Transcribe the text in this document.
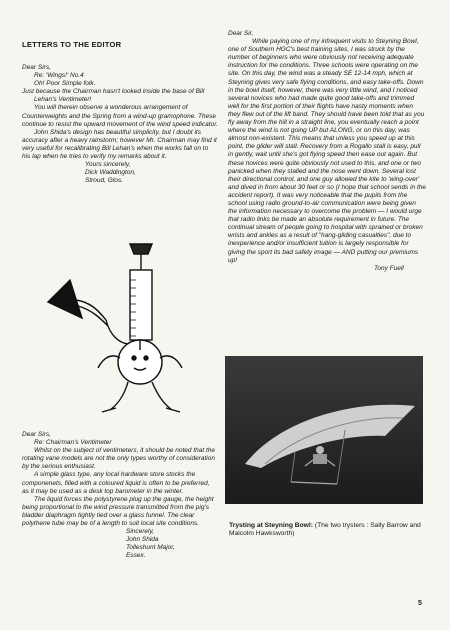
LETTERS TO THE EDITOR

Dear Sirs,

Re: 'Wings!' No.4

Oh! Poor Simple folk.

Just because the Chairman hasn't looked inside the base of Bill Lehan's Ventimeter!

You will therein observe a wonderous arrangement of Counterweights and the Spring from a wind-up gramophone. These continue to resist the upward movement of the wind speed indicator.

John Shida's design has beautiful simplicity, but I doubt its accuracy after a heavy rainstorm; however Mr. Chairman may find it very useful for recalibrating Bill Lehan's when the works fall on to his lap when he tries to verify my remarks about it.

Yours sincerely,

Dick Waddington,

Stroud, Glos.

Dear Sirs,

Re: Chairman's Ventimeter

Whilst on the subject of ventimeters, it should be noted that the rotating vane models are not the only types worthy of consideration by the serious enthusiast.

A simple glass type, any local hardware store stocks the componenets, filled with a coloured liquid is often to be preferred, as it may be used as a desk top barometer in the winter.

The liquid forces the polystyrene plug up the gauge, the height being proportional to the wind pressure transmitted from the pig's bladder diaphragm tightly tied over a glass funnel. The clear polythene tube may be of a length to suit local site conditions.

Sincerely,

John Shida

Tolleshunt Major,

Essex.

Dear Sir,

While paying one of my infrequent visits to Steyning Bowl, one of Southern HGC's best training sites, I was struck by the number of beginners who were obviously not receiving adequate instruction for the conditions. Three schools were operating on the site. On this day, the wind was a steady SE 12-14 mph, which at Steyning gives very safe flying conditions, and easy take-offs. Down in the bowl itself, however, there was very little wind, and I noticed several novices who had made quite good take-offs and trimmed well for the first portion of their flights have nasty moments when they flew out of the lift band. They should have been told that as you fly away from the hill in a straight line, you eventually reach a point where the wind is not going UP but ALONG, or on this day, was almost non-existent. This means that unless you speed up at this point, the glider will stall. Recovery from a Rogallo stall is easy, pull in gently, wait until she's got flying speed then ease out again. But these novices were quite obviously not used to this, and one or two panicked when they stalled and the nose went down. Several lost their directional control, and one guy allowed the kite to 'wing-over' and dived in from about 30 feet or so (I hope that school sends in the accident report). It was very noticeable that the pupils from the school using radio ground-to-air communication were being given the information necessary to overcome the problem — I would urge that radio links be made an absolute requirement in future. The continual stream of people going to hospital with sprained or broken wrists and ankles as a result of "hang-gliding casualties", due to inexperience and/or insufficient tuition is largely responsible for giving the sport its bad safety image — AND putting our premiums up!

Tony Fuell

Trysting at Steyning Bowl: (The two trysters : Sally Barrow and Malcolm Hawksworth)
5
